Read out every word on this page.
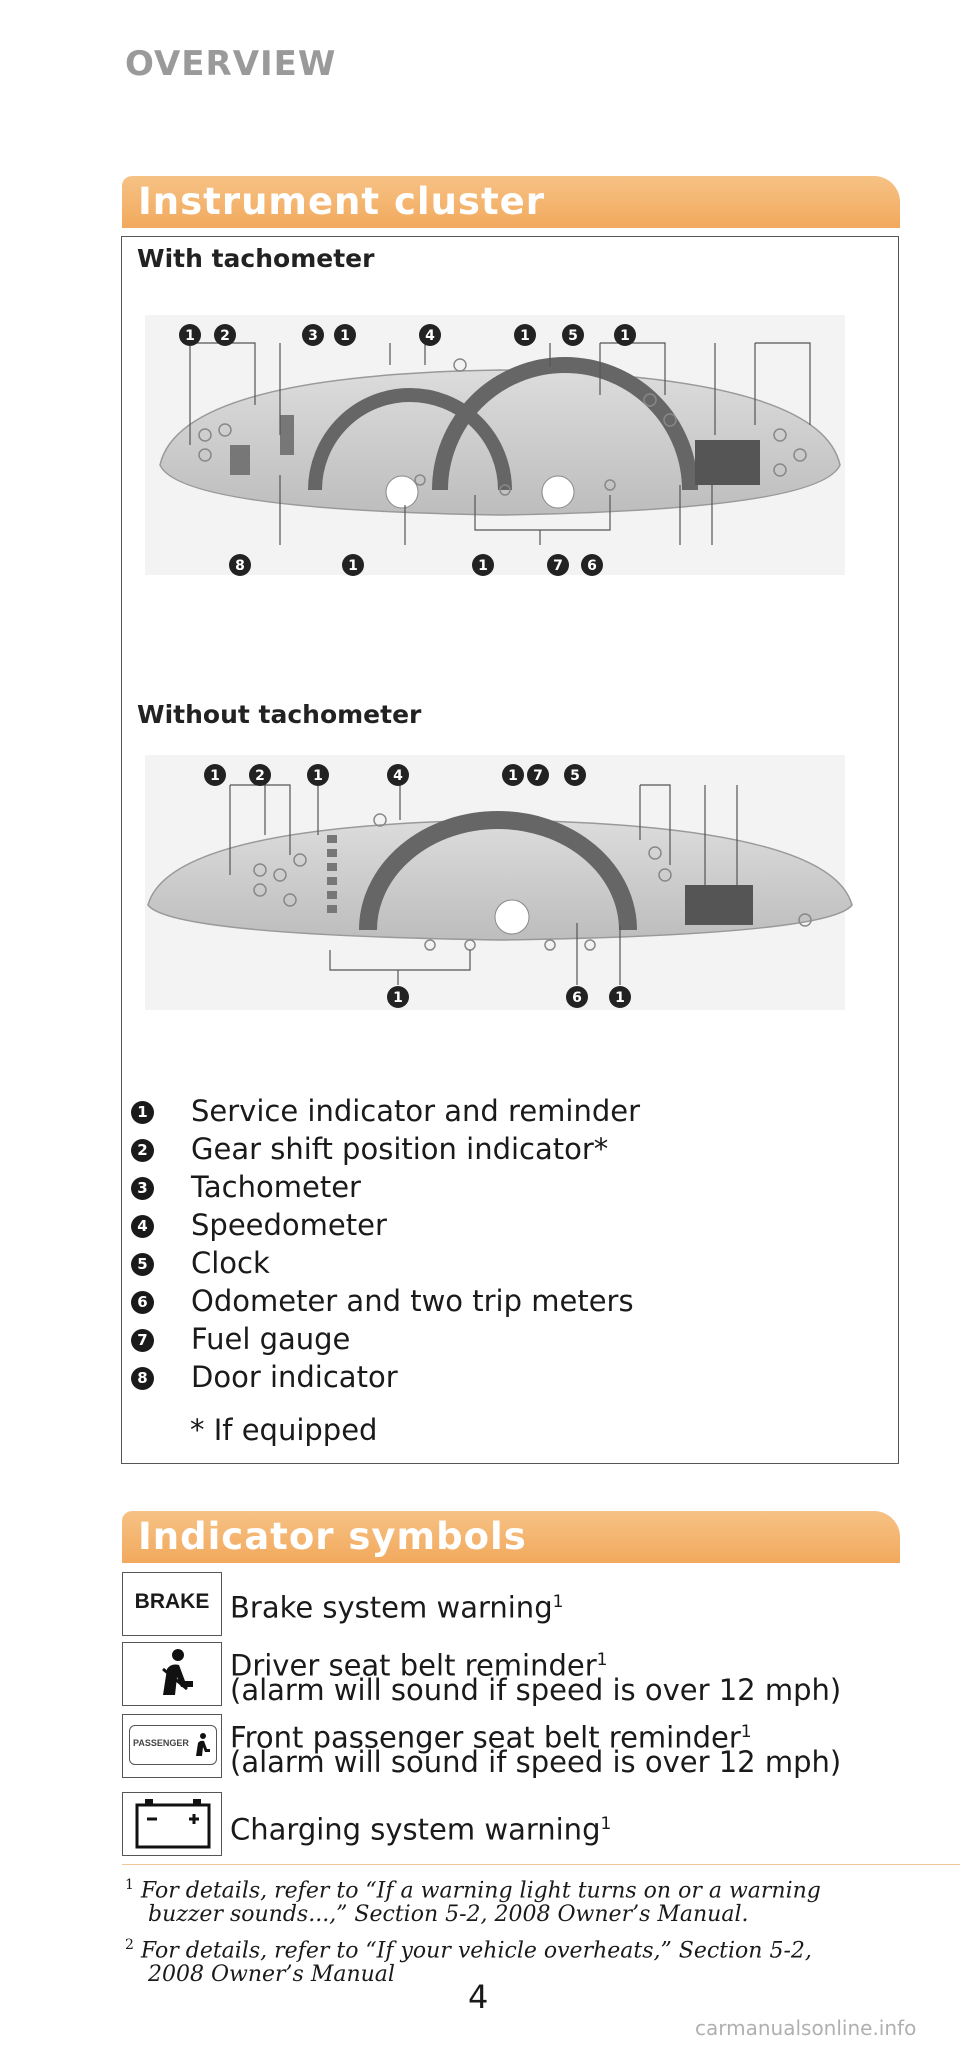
OVERVIEW
Instrument cluster
With tachometer
1 2	3 1	4	1	5	1
8	1	1	7 6
Without tachometer
1	2	1	4	1 7 5
1	6 1
1 Service indicator and reminder
2 Gear shift position indicator*
3 Tachometer
4 Speedometer
5 Clock
6 Odometer and two trip meters
7 Fuel gauge
8 Door indicator
* If equipped
Indicator symbols
BRAKE Brake system warning$^1$
Driver seat belt reminder$^1$
(alarm will sound if speed is over 12 mph)
PASSENGER Front passenger seat belt reminder$^1$
(alarm will sound if speed is over 12 mph)
Charging system warning$^1$
$^1$ For details, refer to “If a warning light turns on or a warning
buzzer sounds...,” Section 5-2, 2008 Owner’s Manual.
$^2$ For details, refer to “If your vehicle overheats,” Section 5-2,
2008 Owner’s Manual
4
carmanualsonline.info
